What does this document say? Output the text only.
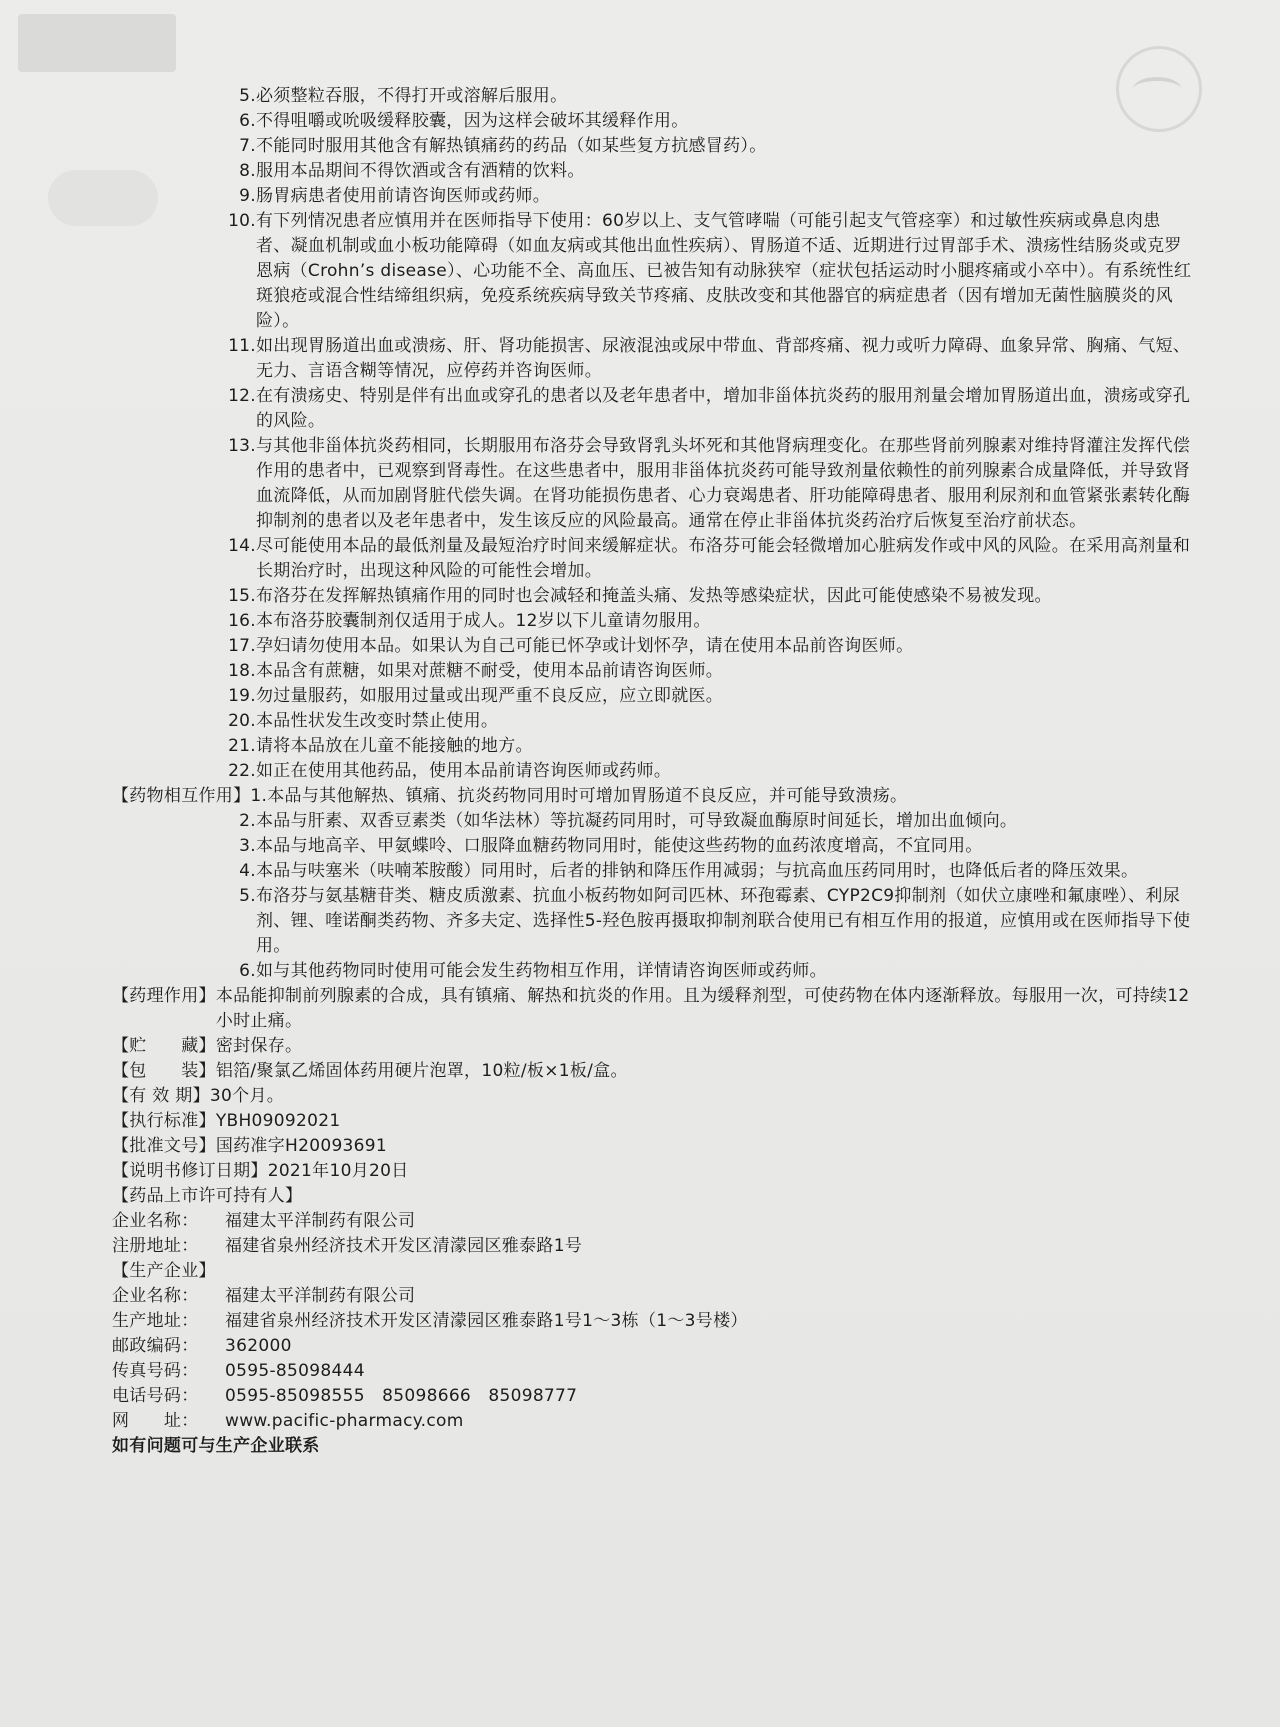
5. 必须整粒吞服，不得打开或溶解后服用。
6. 不得咀嚼或吮吸缓释胶囊，因为这样会破坏其缓释作用。
7. 不能同时服用其他含有解热镇痛药的药品（如某些复方抗感冒药）。
8. 服用本品期间不得饮酒或含有酒精的饮料。
9. 肠胃病患者使用前请咨询医师或药师。
10. 有下列情况患者应慎用并在医师指导下使用：60岁以上、支气管哮喘（可能引起支气管痉挛）和过敏性疾病或鼻息肉患者、凝血机制或血小板功能障碍（如血友病或其他出血性疾病）、胃肠道不适、近期进行过胃部手术、溃疡性结肠炎或克罗恩病（Crohn’s disease）、心功能不全、高血压、已被告知有动脉狭窄（症状包括运动时小腿疼痛或小卒中）。有系统性红斑狼疮或混合性结缔组织病，免疫系统疾病导致关节疼痛、皮肤改变和其他器官的病症患者（因有增加无菌性脑膜炎的风险）。
11. 如出现胃肠道出血或溃疡、肝、肾功能损害、尿液混浊或尿中带血、背部疼痛、视力或听力障碍、血象异常、胸痛、气短、无力、言语含糊等情况，应停药并咨询医师。
12. 在有溃疡史、特别是伴有出血或穿孔的患者以及老年患者中，增加非甾体抗炎药的服用剂量会增加胃肠道出血，溃疡或穿孔的风险。
13. 与其他非甾体抗炎药相同，长期服用布洛芬会导致肾乳头坏死和其他肾病理变化。在那些肾前列腺素对维持肾灌注发挥代偿作用的患者中，已观察到肾毒性。在这些患者中，服用非甾体抗炎药可能导致剂量依赖性的前列腺素合成量降低，并导致肾血流降低，从而加剧肾脏代偿失调。在肾功能损伤患者、心力衰竭患者、肝功能障碍患者、服用利尿剂和血管紧张素转化酶抑制剂的患者以及老年患者中，发生该反应的风险最高。通常在停止非甾体抗炎药治疗后恢复至治疗前状态。
14. 尽可能使用本品的最低剂量及最短治疗时间来缓解症状。布洛芬可能会轻微增加心脏病发作或中风的风险。在采用高剂量和长期治疗时，出现这种风险的可能性会增加。
15. 布洛芬在发挥解热镇痛作用的同时也会减轻和掩盖头痛、发热等感染症状，因此可能使感染不易被发现。
16. 本布洛芬胶囊制剂仅适用于成人。12岁以下儿童请勿服用。
17. 孕妇请勿使用本品。如果认为自己可能已怀孕或计划怀孕，请在使用本品前咨询医师。
18. 本品含有蔗糖，如果对蔗糖不耐受，使用本品前请咨询医师。
19. 勿过量服药，如服用过量或出现严重不良反应，应立即就医。
20. 本品性状发生改变时禁止使用。
21. 请将本品放在儿童不能接触的地方。
22. 如正在使用其他药品，使用本品前请咨询医师或药师。
【药物相互作用】 1. 本品与其他解热、镇痛、抗炎药物同用时可增加胃肠道不良反应，并可能导致溃疡。
2. 本品与肝素、双香豆素类（如华法林）等抗凝药同用时，可导致凝血酶原时间延长，增加出血倾向。
3. 本品与地高辛、甲氨蝶呤、口服降血糖药物同用时，能使这些药物的血药浓度增高，不宜同用。
4. 本品与呋塞米（呋喃苯胺酸）同用时，后者的排钠和降压作用减弱；与抗高血压药同用时，也降低后者的降压效果。
5. 布洛芬与氨基糖苷类、糖皮质激素、抗血小板药物如阿司匹林、环孢霉素、CYP2C9抑制剂（如伏立康唑和氟康唑）、利尿剂、锂、喹诺酮类药物、齐多夫定、选择性5-羟色胺再摄取抑制剂联合使用已有相互作用的报道，应慎用或在医师指导下使用。
6. 如与其他药物同时使用可能会发生药物相互作用，详情请咨询医师或药师。
【药理作用】 本品能抑制前列腺素的合成，具有镇痛、解热和抗炎的作用。且为缓释剂型，可使药物在体内逐渐释放。每服用一次，可持续12小时止痛。
【贮　　藏】 密封保存。
【包　　装】 铝箔/聚氯乙烯固体药用硬片泡罩，10粒/板×1板/盒。
【有 效 期】 30个月。
【执行标准】 YBH09092021
【批准文号】 国药准字H20093691
【说明书修订日期】 2021年10月20日
【药品上市许可持有人】
企业名称：	福建太平洋制药有限公司
注册地址：	福建省泉州经济技术开发区清濛园区雅泰路1号
【生产企业】
企业名称：	福建太平洋制药有限公司
生产地址：	福建省泉州经济技术开发区清濛园区雅泰路1号1～3栋（1～3号楼）
邮政编码：	362000
传真号码：	0595-85098444
电话号码：	0595-85098555　85098666　85098777
网　　址：	www.pacific-pharmacy.com
如有问题可与生产企业联系
